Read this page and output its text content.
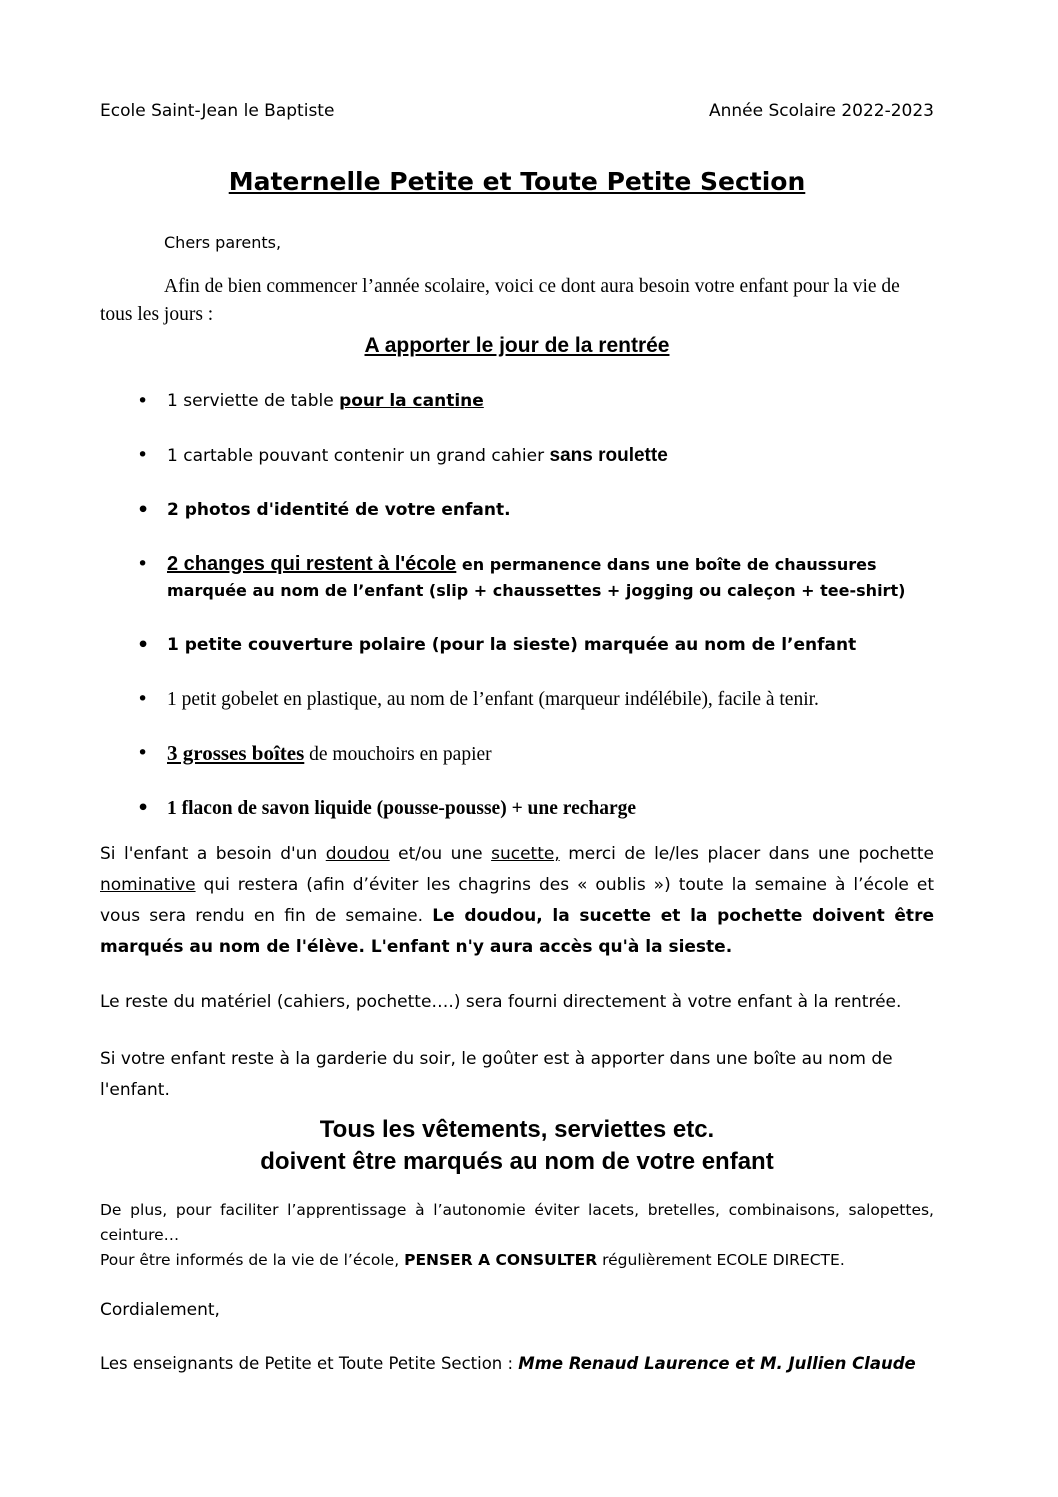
Ecole Saint-Jean le Baptiste	Année Scolaire 2022-2023
Maternelle Petite et Toute Petite Section

Chers parents,

Afin de bien commencer l’année scolaire, voici ce dont aura besoin votre enfant pour la vie de tous les jours :

A apporter le jour de la rentrée
• 1 serviette de table pour la cantine
• 1 cartable pouvant contenir un grand cahier sans roulette
• 2 photos d'identité de votre enfant.
• 2 changes qui restent à l'école en permanence dans une boîte de chaussures marquée au nom de l’enfant (slip + chaussettes + jogging ou caleçon + tee-shirt)
• 1 petite couverture polaire (pour la sieste) marquée au nom de l’enfant
• 1 petit gobelet en plastique, au nom de l’enfant (marqueur indélébile), facile à tenir.
• 3 grosses boîtes de mouchoirs en papier
• 1 flacon de savon liquide (pousse-pousse) + une recharge

Si l'enfant a besoin d'un doudou et/ou une sucette, merci de le/les placer dans une pochette nominative qui restera (afin d’éviter les chagrins des « oublis ») toute la semaine à l’école et vous sera rendu en fin de semaine. Le doudou, la sucette et la pochette doivent être marqués au nom de l'élève. L'enfant n'y aura accès qu'à la sieste.

Le reste du matériel (cahiers, pochette….) sera fourni directement à votre enfant à la rentrée.

Si votre enfant reste à la garderie du soir, le goûter est à apporter dans une boîte au nom de l'enfant.

Tous les vêtements, serviettes etc.
doivent être marqués au nom de votre enfant

De plus, pour faciliter l’apprentissage à l’autonomie éviter lacets, bretelles, combinaisons, salopettes, ceinture…

Pour être informés de la vie de l’école, PENSER A CONSULTER régulièrement ECOLE DIRECTE.

Cordialement,

Les enseignants de Petite et Toute Petite Section : Mme Renaud Laurence et M. Jullien Claude
